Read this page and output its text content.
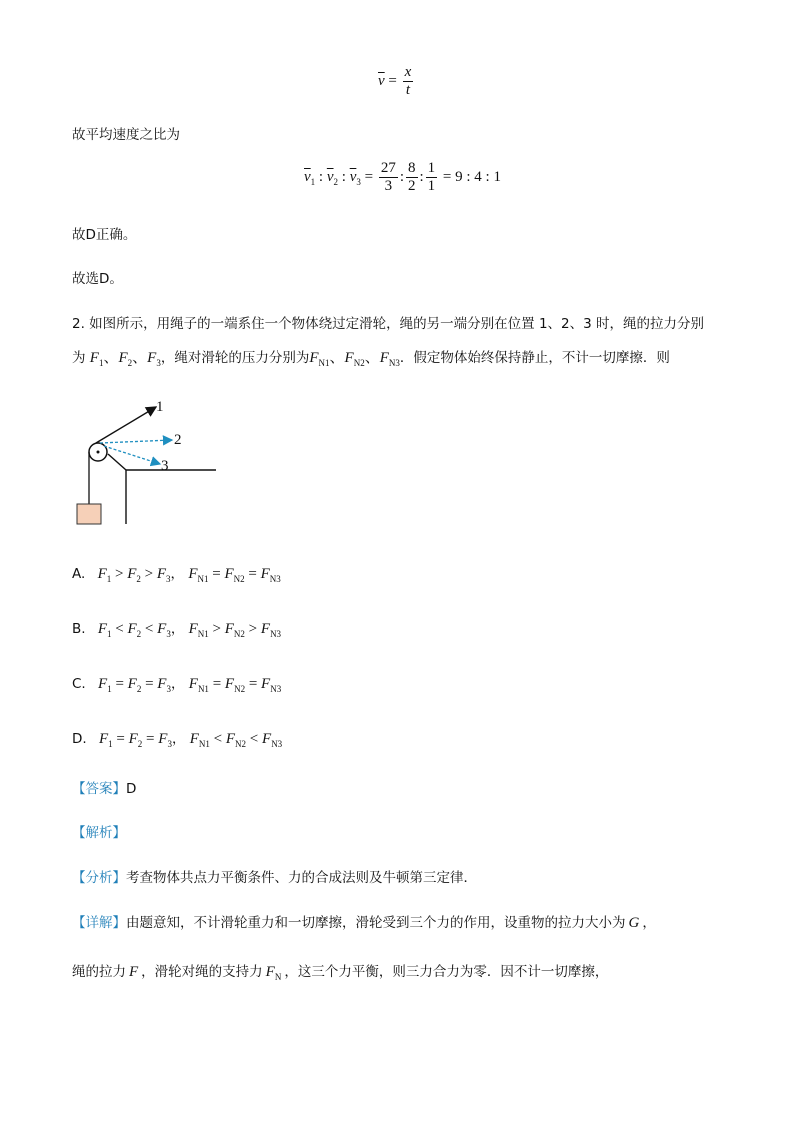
$\overline{v} = \frac{x}{t}$
故平均速度之比为
$\overline{v}_1$ : $\overline{v}_2$ : $\overline{v}_3 = \frac{27}{3}$ : $\frac{8}{2}$ : $\frac{1}{1} = 9$ : 4 : 1
故D正确。
故选D。
2. 如图所示，用绳子的一端系住一个物体绕过定滑轮，绳的另一端分别在位置 1、2、3 时，绳的拉力分别
为 $F_1$、$F_2$、$F_3$，绳对滑轮的压力分别为$F_{N1}$、$F_{N2}$、$F_{N3}$．假定物体始终保持静止，不计一切摩擦．则
1
2
3
A. $F_1 > F_2 > F_3$， $F_{N1} = F_{N2} = F_{N3}$
B. $F_1 < F_2 < F_3$， $F_{N1} > F_{N2} > F_{N3}$
C. $F_1 = F_2 = F_3$， $F_{N1} = F_{N2} = F_{N3}$
D. $F_1 = F_2 = F_3$， $F_{N1} < F_{N2} < F_{N3}$
【答案】D
【解析】
【分析】考查物体共点力平衡条件、力的合成法则及牛顿第三定律．
【详解】由题意知，不计滑轮重力和一切摩擦，滑轮受到三个力的作用，设重物的拉力大小为 G ，
绳的拉力 F ，滑轮对绳的支持力 $F_N$ ，这三个力平衡，则三力合力为零．因不计一切摩擦，
